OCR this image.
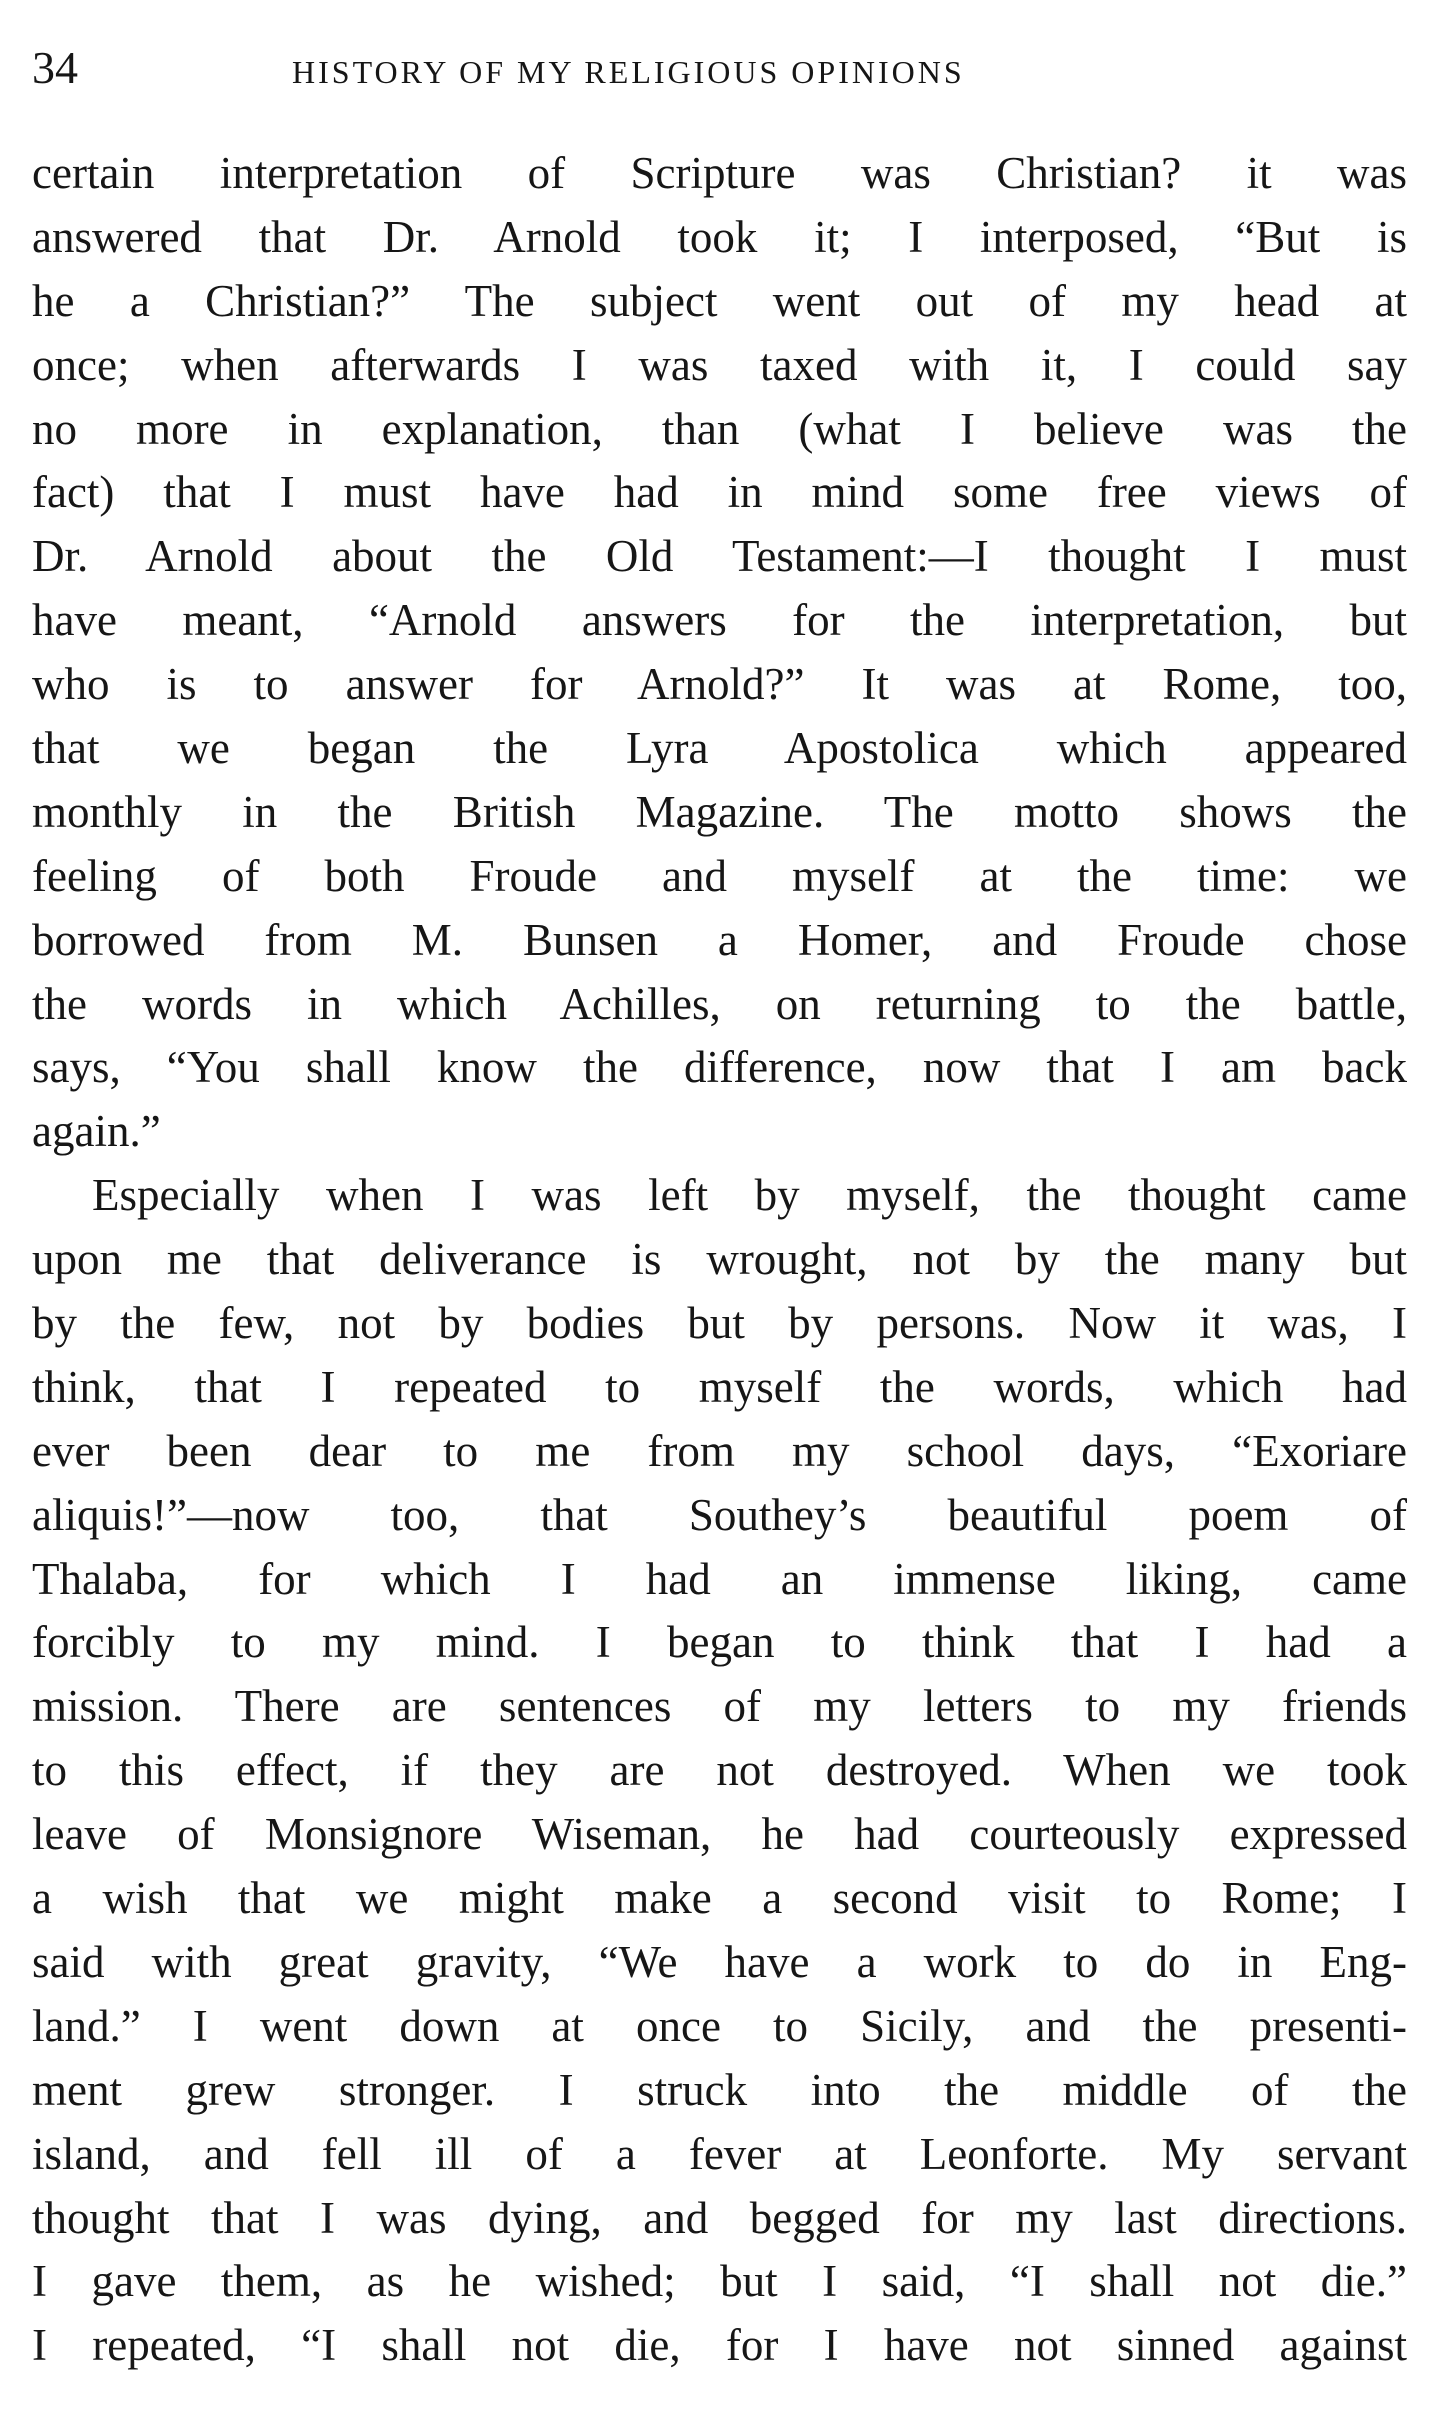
34	HISTORY OF MY RELIGIOUS OPINIONS
certain interpretation of Scripture was Christian? it was
answered that Dr. Arnold took it; I interposed, “But is
he a Christian?” The subject went out of my head at
once; when afterwards I was taxed with it, I could say
no more in explanation, than (what I believe was the
fact) that I must have had in mind some free views of
Dr. Arnold about the Old Testament:—I thought I must
have meant, “Arnold answers for the interpretation, but
who is to answer for Arnold?” It was at Rome, too,
that we began the Lyra Apostolica which appeared
monthly in the British Magazine. The motto shows the
feeling of both Froude and myself at the time: we
borrowed from M. Bunsen a Homer, and Froude chose
the words in which Achilles, on returning to the battle,
says, “You shall know the difference, now that I am back
again.”
Especially when I was left by myself, the thought came
upon me that deliverance is wrought, not by the many but
by the few, not by bodies but by persons. Now it was, I
think, that I repeated to myself the words, which had
ever been dear to me from my school days, “Exoriare
aliquis!”—now too, that Southey’s beautiful poem of
Thalaba, for which I had an immense liking, came
forcibly to my mind. I began to think that I had a
mission. There are sentences of my letters to my friends
to this effect, if they are not destroyed. When we took
leave of Monsignore Wiseman, he had courteously expressed
a wish that we might make a second visit to Rome; I
said with great gravity, “We have a work to do in Eng-
land.” I went down at once to Sicily, and the presenti-
ment grew stronger. I struck into the middle of the
island, and fell ill of a fever at Leonforte. My servant
thought that I was dying, and begged for my last directions.
I gave them, as he wished; but I said, “I shall not die.”
I repeated, “I shall not die, for I have not sinned against
